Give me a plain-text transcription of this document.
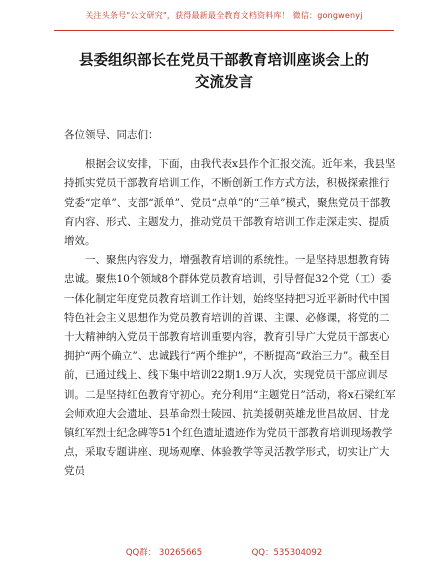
关注头条号"公文研究"，获得最新最全教育文档资料库！ 微信：gongwenyj
县委组织部长在党员干部教育培训座谈会上的
交流发言

各位领导、同志们：

根据会议安排，下面，由我代表x县作个汇报交流。近年来，我县坚持抓实党员干部教育培训工作，不断创新工作方式方法，积极探索推行党委“定单”、支部“派单”、党员“点单”的“三单”模式，聚焦党员干部教育内容、形式、主题发力，推动党员干部教育培训工作走深走实、提质增效。

一、聚焦内容发力，增强教育培训的系统性。一是坚持思想教育铸忠诚。聚焦10个领域8个群体党员教育培训，引导督促32个党（工）委一体化制定年度党员教育培训工作计划，始终坚持把习近平新时代中国特色社会主义思想作为党员教育培训的首课、主课、必修课，将党的二十大精神纳入党员干部教育培训重要内容，教育引导广大党员干部衷心拥护“两个确立”、忠诚践行“两个维护”，不断提高“政治三力”。截至目前，已通过线上、线下集中培训22期1.9万人次，实现党员干部应训尽训。二是坚持红色教育守初心。充分利用“主题党日”活动，将x石梁红军会师欢迎大会遗址、县革命烈士陵园、抗美援朝英雄龙世昌故居、甘龙镇红军烈士纪念碑等51个红色遗址遗迹作为党员干部教育培训现场教学点，采取专题讲座、现场观摩、体验教学等灵活教学形式，切实让广大党员

QQ群： 30265665	QQ：535304092
